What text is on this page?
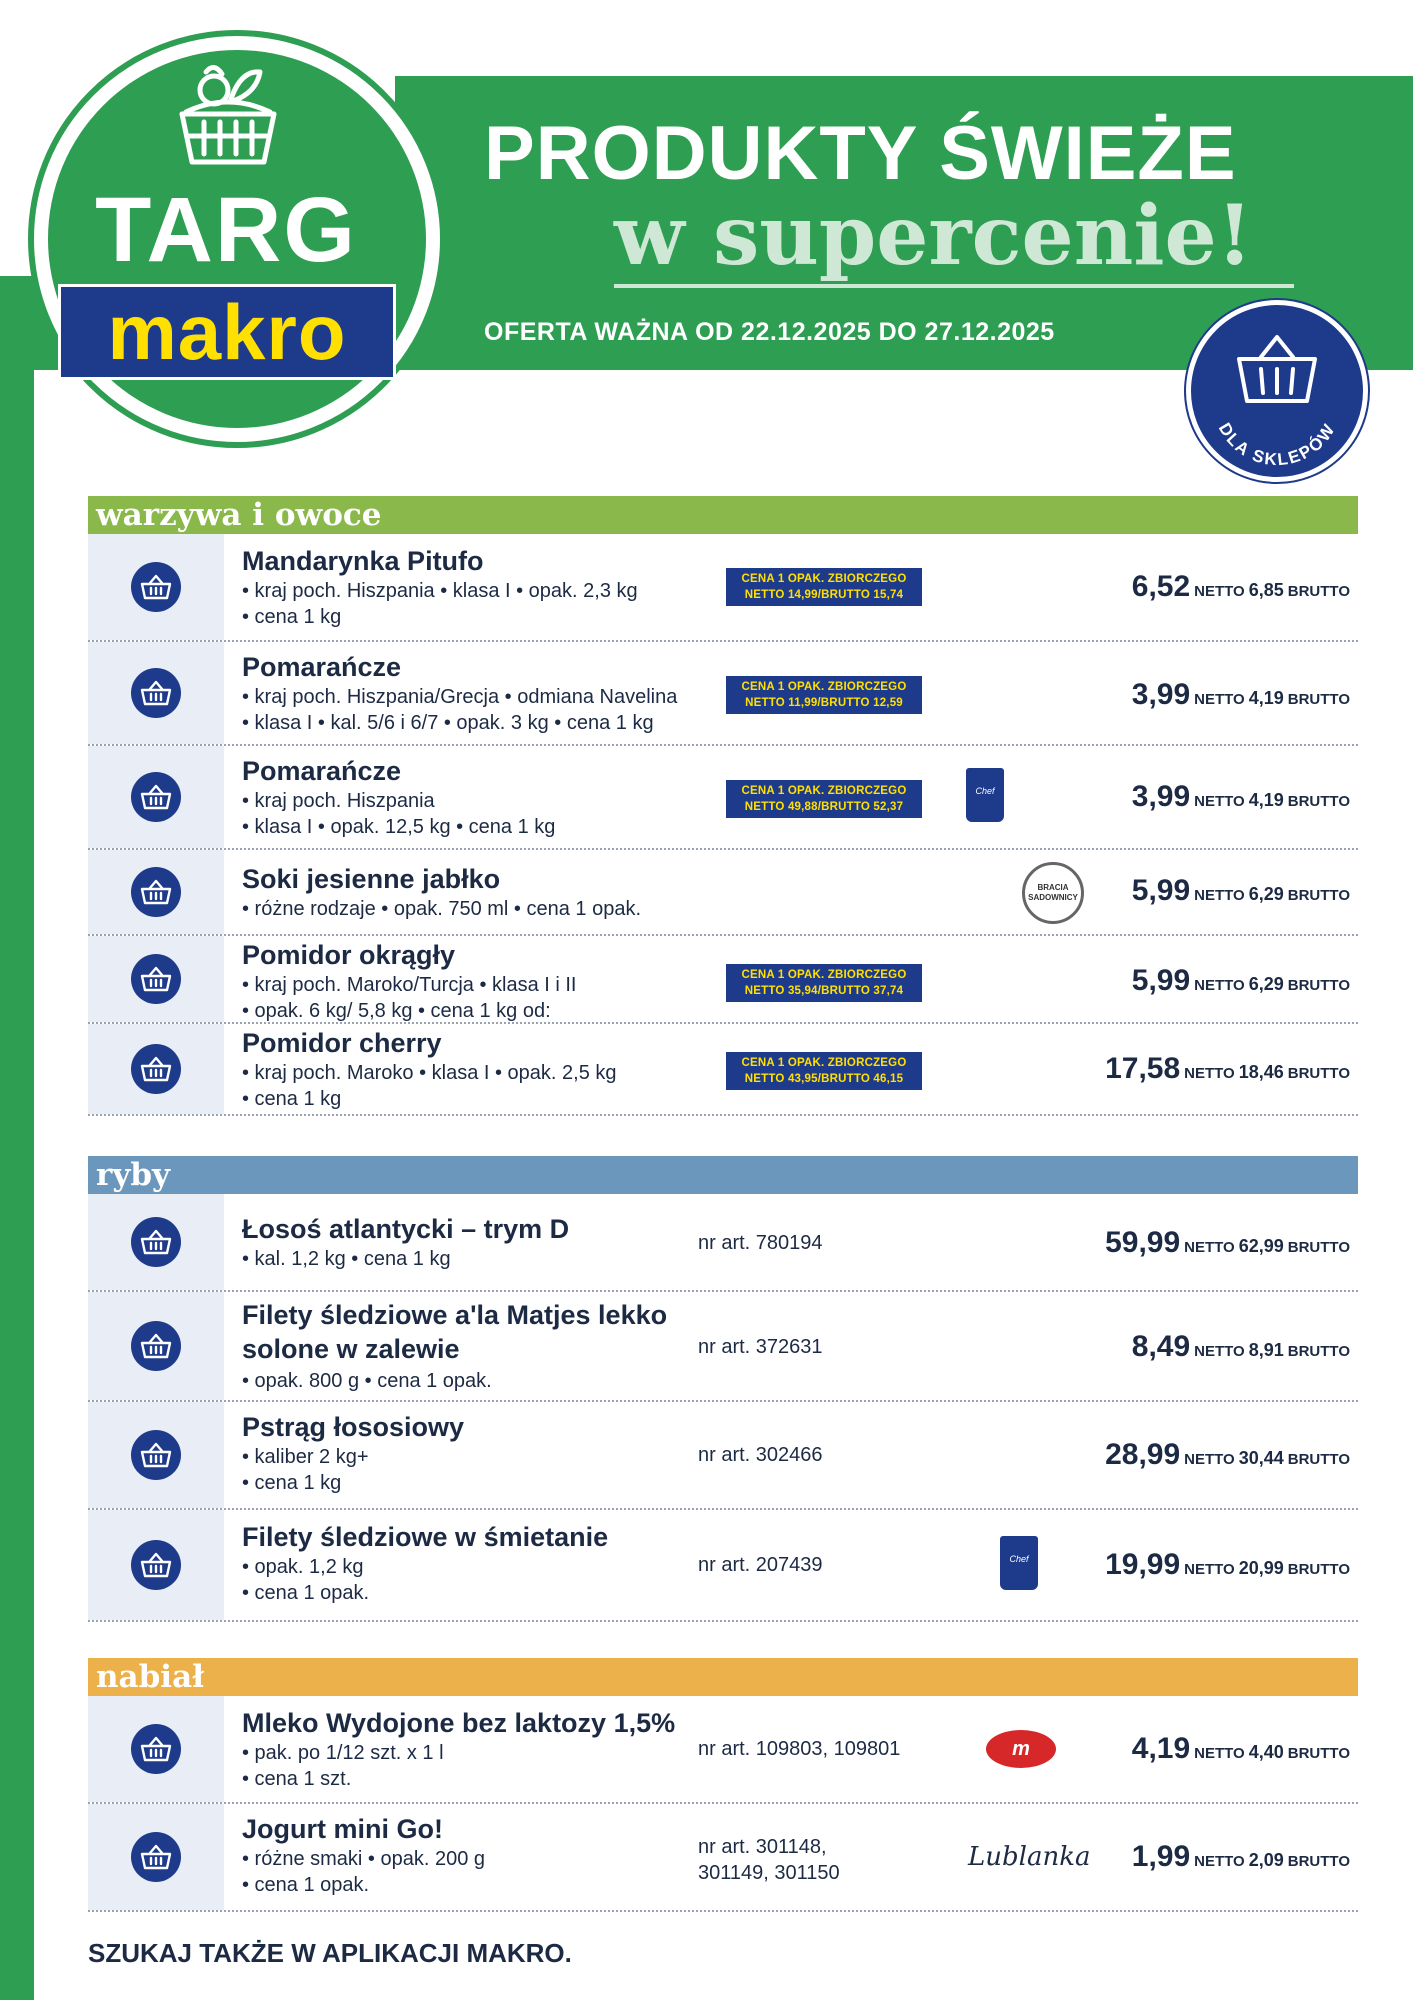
TARG
makro
PRODUKTY ŚWIEŻE
w supercenie!
OFERTA WAŻNA OD 22.12.2025 DO 27.12.2025
DLA SKLEPÓW
warzywa i owoce
Mandarynka Pitufo
• kraj poch. Hiszpania • klasa I • opak. 2,3 kg
• cena 1 kg
CENA 1 OPAK. ZBIORCZEGO
NETTO 14,99/BRUTTO 15,74	6,52 NETTO 6,85 BRUTTO
Pomarańcze
• kraj poch. Hiszpania/Grecja • odmiana Navelina
• klasa I • kal. 5/6 i 6/7 • opak. 3 kg • cena 1 kg
CENA 1 OPAK. ZBIORCZEGO
NETTO 11,99/BRUTTO 12,59	3,99 NETTO 4,19 BRUTTO
Pomarańcze
• kraj poch. Hiszpania
• klasa I • opak. 12,5 kg • cena 1 kg
CENA 1 OPAK. ZBIORCZEGO
NETTO 49,88/BRUTTO 52,37
Chef	3,99 NETTO 4,19 BRUTTO
Soki jesienne jabłko
• różne rodzaje • opak. 750 ml • cena 1 opak.
BRACIA SADOWNICY 5,99 NETTO 6,29 BRUTTO
Pomidor okrągły
• kraj poch. Maroko/Turcja • klasa I i II
• opak. 6 kg/ 5,8 kg • cena 1 kg od:
CENA 1 OPAK. ZBIORCZEGO
NETTO 35,94/BRUTTO 37,74	5,99 NETTO 6,29 BRUTTO
Pomidor cherry
• kraj poch. Maroko • klasa I • opak. 2,5 kg
• cena 1 kg
CENA 1 OPAK. ZBIORCZEGO
NETTO 43,95/BRUTTO 46,15	17,58 NETTO 18,46 BRUTTO
ryby
Łosoś atlantycki – trym D
• kal. 1,2 kg • cena 1 kg
nr art. 780194	59,99 NETTO 62,99 BRUTTO
Filety śledziowe a'la Matjes lekko
solone w zalewie
• opak. 800 g • cena 1 opak.
nr art. 372631	8,49 NETTO 8,91 BRUTTO
Pstrąg łososiowy
• kaliber 2 kg+
• cena 1 kg
nr art. 302466	28,99 NETTO 30,44 BRUTTO
Filety śledziowe w śmietanie
• opak. 1,2 kg
• cena 1 opak.
nr art. 207439	Chef	19,99 NETTO 20,99 BRUTTO
nabiał
Mleko Wydojone bez laktozy 1,5%
• pak. po 1/12 szt. x 1 l
• cena 1 szt.
nr art. 109803, 109801	m	4,19 NETTO 4,40 BRUTTO
Jogurt mini Go!
• różne smaki • opak. 200 g
• cena 1 opak.
nr art. 301148,
301149, 301150
Lublanka 1,99 NETTO 2,09 BRUTTO
SZUKAJ TAKŻE W APLIKACJI MAKRO.
